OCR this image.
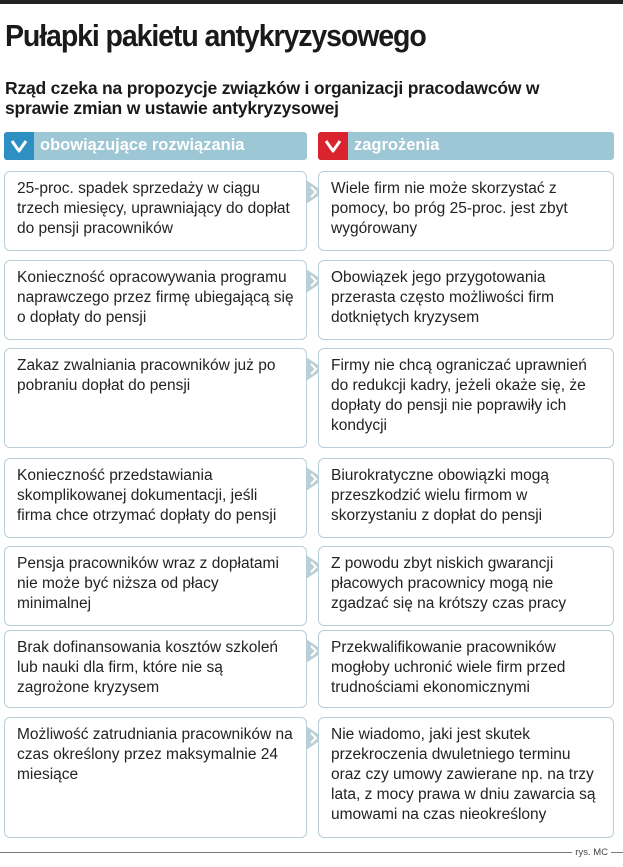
Pułapki pakietu antykryzysowego
Rząd czeka na propozycje związków i organizacji pracodawców w sprawie zmian w ustawie antykryzysowej
obowiązujące rozwiązania	zagrożenia
25-proc. spadek sprzedaży w ciągu trzech miesięcy, uprawniający do dopłat do pensji pracowników
Wiele firm nie może skorzystać z pomocy, bo próg 25-proc. jest zbyt wygórowany
Konieczność opracowywania programu naprawczego przez firmę ubiegającą się o dopłaty do pensji
Obowiązek jego przygotowania przerasta często możliwości firm dotkniętych kryzysem
Zakaz zwalniania pracowników już po pobraniu dopłat do pensji
Firmy nie chcą ograniczać uprawnień do redukcji kadry, jeżeli okaże się, że dopłaty do pensji nie poprawiły ich kondycji
Konieczność przedstawiania skomplikowanej dokumentacji, jeśli firma chce otrzymać dopłaty do pensji
Biurokratyczne obowiązki mogą przeszkodzić wielu firmom w skorzystaniu z dopłat do pensji
Pensja pracowników wraz z dopłatami nie może być niższa od płacy minimalnej
Z powodu zbyt niskich gwarancji płacowych pracownicy mogą nie zgadzać się na krótszy czas pracy
Brak dofinansowania kosztów szkoleń lub nauki dla firm, które nie są zagrożone kryzysem
Przekwalifikowanie pracowników mogłoby uchronić wiele firm przed trudnościami ekonomicznymi
Możliwość zatrudniania pracowników na czas określony przez maksymalnie 24 miesiące
Nie wiadomo, jaki jest skutek przekroczenia dwuletniego terminu oraz czy umowy zawierane np. na trzy lata, z mocy prawa w dniu zawarcia są umowami na czas nieokreślony
rys. MC
